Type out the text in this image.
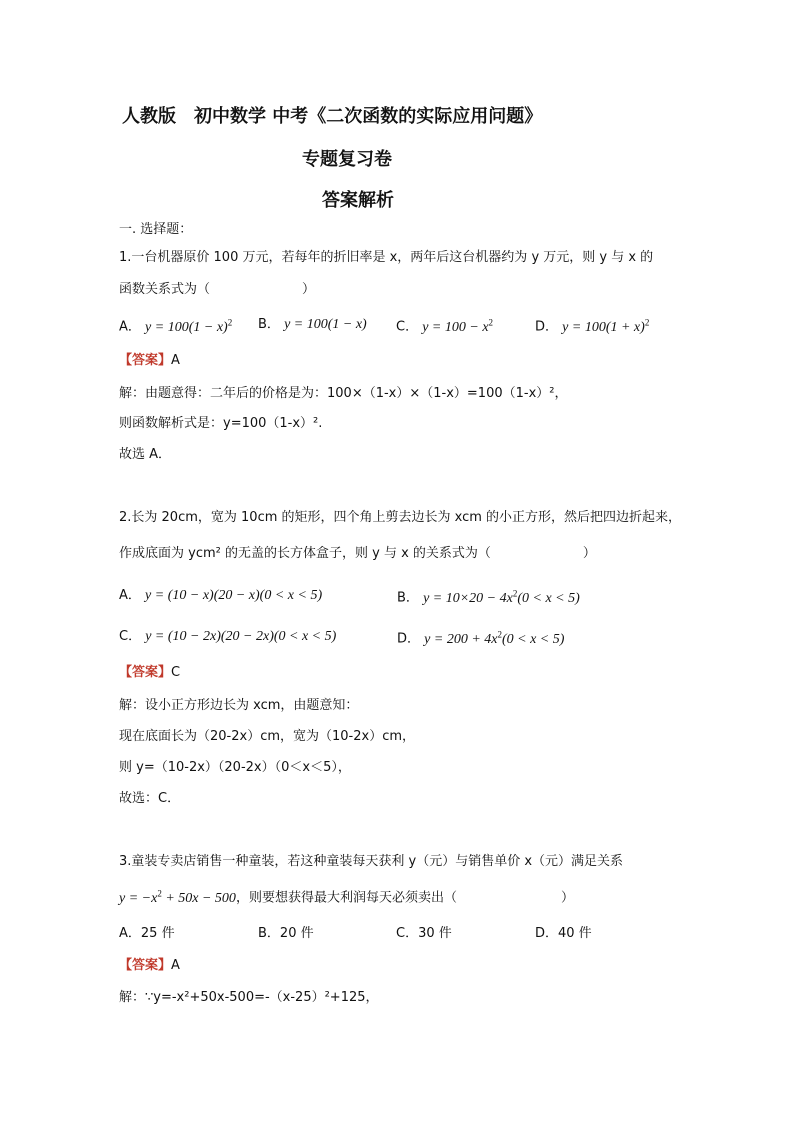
人教版　初中数学 中考《二次函数的实际应用问题》
专题复习卷
答案解析
一. 选择题：
1.一台机器原价 100 万元，若每年的折旧率是 x，两年后这台机器约为 y 万元，则 y 与 x 的
函数关系式为（	）
A． $y = 100(1 - x)^2$ B． y = 100(1 − x) C． $y = 100 - x^2$	D． $y = 100(1 + x)^2$
【答案】A
解：由题意得：二年后的价格是为：100×（1-x）×（1-x）=100（1-x）²，
则函数解析式是：y=100（1-x）².
故选 A．
2.长为 20cm，宽为 10cm 的矩形，四个角上剪去边长为 xcm 的小正方形，然后把四边折起来，
作成底面为 ycm² 的无盖的长方体盒子，则 y 与 x 的关系式为（	）
A． y = (10 − x)(20 − x)(0 < x < 5)	B． $y = 10\times 20 - 4x^2(0 < x < 5)$
C． y = (10 − 2x)(20 − 2x)(0 < x < 5)	D． $y = 200 + 4x^2(0 < x < 5)$
【答案】C
解：设小正方形边长为 xcm，由题意知：
现在底面长为（20-2x）cm，宽为（10-2x）cm，
则 y=（10-2x）（20-2x）（0＜x＜5），
故选：C．
3.童装专卖店销售一种童装，若这种童装每天获利 y（元）与销售单价 x（元）满足关系
$y = -x^2 + 50x - 500$，则要想获得最大利润每天必须卖出（	）
A．25 件	B．20 件	C．30 件	D．40 件
【答案】A
解：∵y=-x²+50x-500=-（x-25）²+125，
